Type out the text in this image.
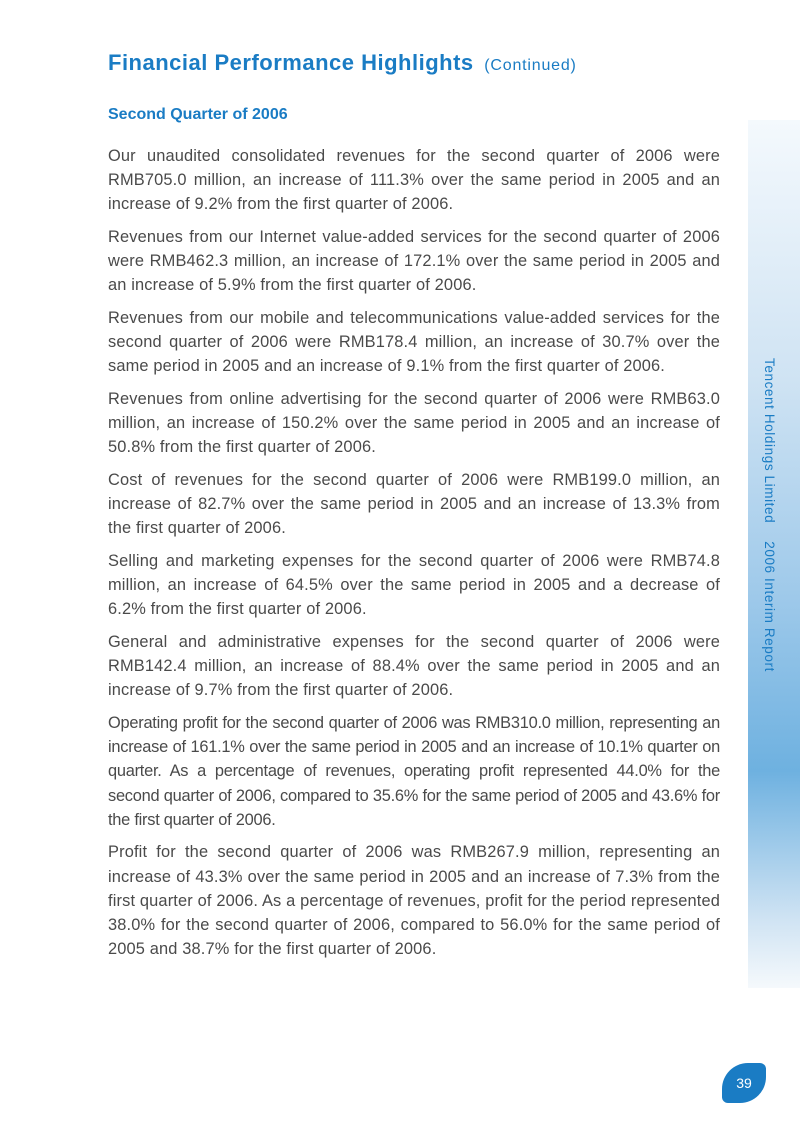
Financial Performance Highlights (Continued)
Second Quarter of 2006

Our unaudited consolidated revenues for the second quarter of 2006 were RMB705.0 million, an increase of 111.3% over the same period in 2005 and an increase of 9.2% from the first quarter of 2006.

Revenues from our Internet value-added services for the second quarter of 2006 were RMB462.3 million, an increase of 172.1% over the same period in 2005 and an increase of 5.9% from the first quarter of 2006.

Revenues from our mobile and telecommunications value-added services for the second quarter of 2006 were RMB178.4 million, an increase of 30.7% over the same period in 2005 and an increase of 9.1% from the first quarter of 2006.

Revenues from online advertising for the second quarter of 2006 were RMB63.0 million, an increase of 150.2% over the same period in 2005 and an increase of 50.8% from the first quarter of 2006.

Cost of revenues for the second quarter of 2006 were RMB199.0 million, an increase of 82.7% over the same period in 2005 and an increase of 13.3% from the first quarter of 2006.

Selling and marketing expenses for the second quarter of 2006 were RMB74.8 million, an increase of 64.5% over the same period in 2005 and a decrease of 6.2% from the first quarter of 2006.

General and administrative expenses for the second quarter of 2006 were RMB142.4 million, an increase of 88.4% over the same period in 2005 and an increase of 9.7% from the first quarter of 2006.

Operating profit for the second quarter of 2006 was RMB310.0 million, representing an increase of 161.1% over the same period in 2005 and an increase of 10.1% quarter on quarter. As a percentage of revenues, operating profit represented 44.0% for the second quarter of 2006, compared to 35.6% for the same period of 2005 and 43.6% for the first quarter of 2006.

Profit for the second quarter of 2006 was RMB267.9 million, representing an increase of 43.3% over the same period in 2005 and an increase of 7.3% from the first quarter of 2006. As a percentage of revenues, profit for the period represented 38.0% for the second quarter of 2006, compared to 56.0% for the same period of 2005 and 38.7% for the first quarter of 2006.

Tencent Holdings Limited2006 Interim Report
39
